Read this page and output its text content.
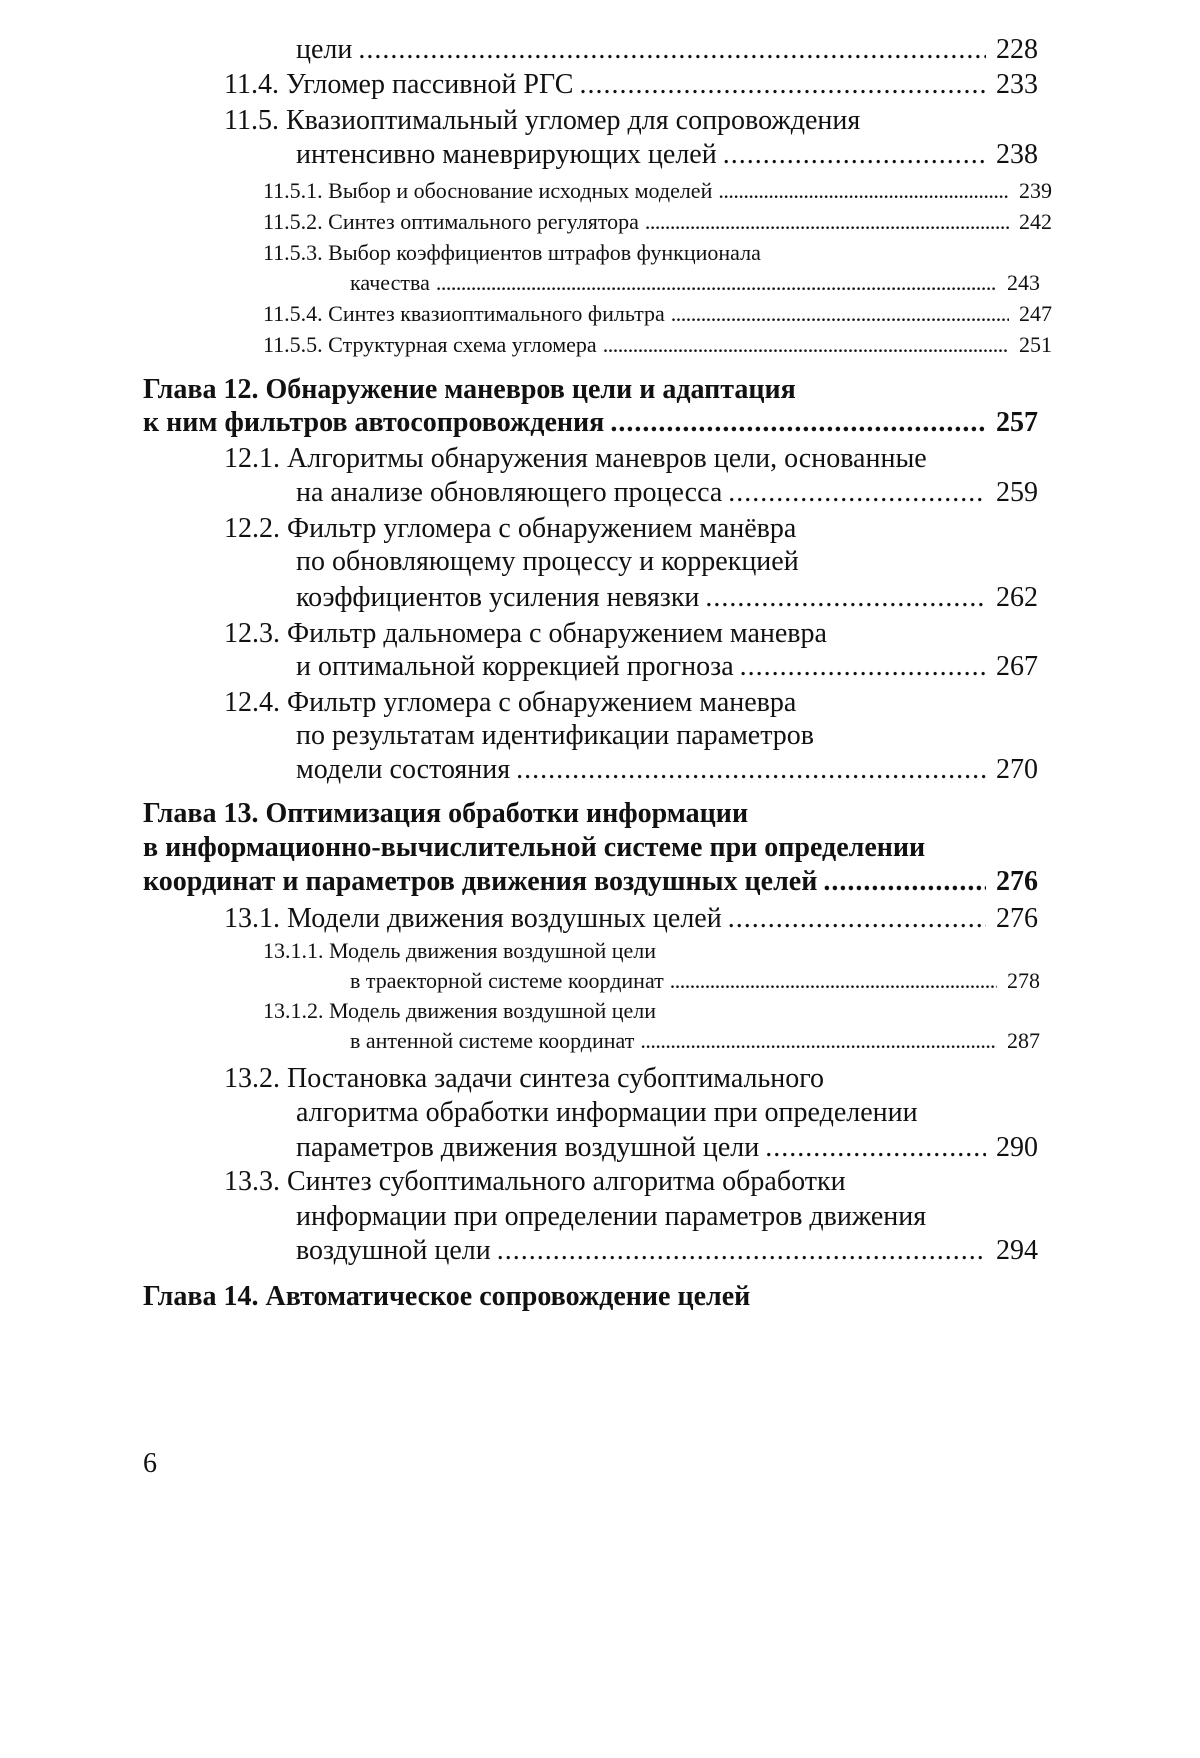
цели . . .	228
11.4. Угломер пассивной РГС . . .	233
11.5. Квазиоптимальный угломер для сопровождения
интенсивно маневрирующих целей . . .	238
11.5.1. Выбор и обоснование исходных моделей . . .	239
11.5.2. Синтез оптимального регулятора . . .	242
11.5.3. Выбор коэффициентов штрафов функционала
качества . . .	243
11.5.4. Синтез квазиоптимального фильтра . . .	247
11.5.5. Структурная схема угломера . . .	251
Глава 12. Обнаружение маневров цели и адаптация
к ним фильтров автосопровождения . . .	257
12.1. Алгоритмы обнаружения маневров цели, основанные
на анализе обновляющего процесса . . .	259
12.2. Фильтр угломера с обнаружением манёвра
по обновляющему процессу и коррекцией
коэффициентов усиления невязки . . .	262
12.3. Фильтр дальномера с обнаружением маневра
и оптимальной коррекцией прогноза . . .	267
12.4. Фильтр угломера с обнаружением маневра
по результатам идентификации параметров
модели состояния . . .	270
Глава 13. Оптимизация обработки информации
в информационно-вычислительной системе при определении
координат и параметров движения воздушных целей . . .	276
13.1. Модели движения воздушных целей . . .	276
13.1.1. Модель движения воздушной цели
в траекторной системе координат . . .	278
13.1.2. Модель движения воздушной цели
в антенной системе координат . . .	287
13.2. Постановка задачи синтеза субоптимального
алгоритма обработки информации при определении
параметров движения воздушной цели . . .	290
13.3. Синтез субоптимального алгоритма обработки
информации при определении параметров движения
воздушной цели . . .	294
Глава 14. Автоматическое сопровождение целей
6
